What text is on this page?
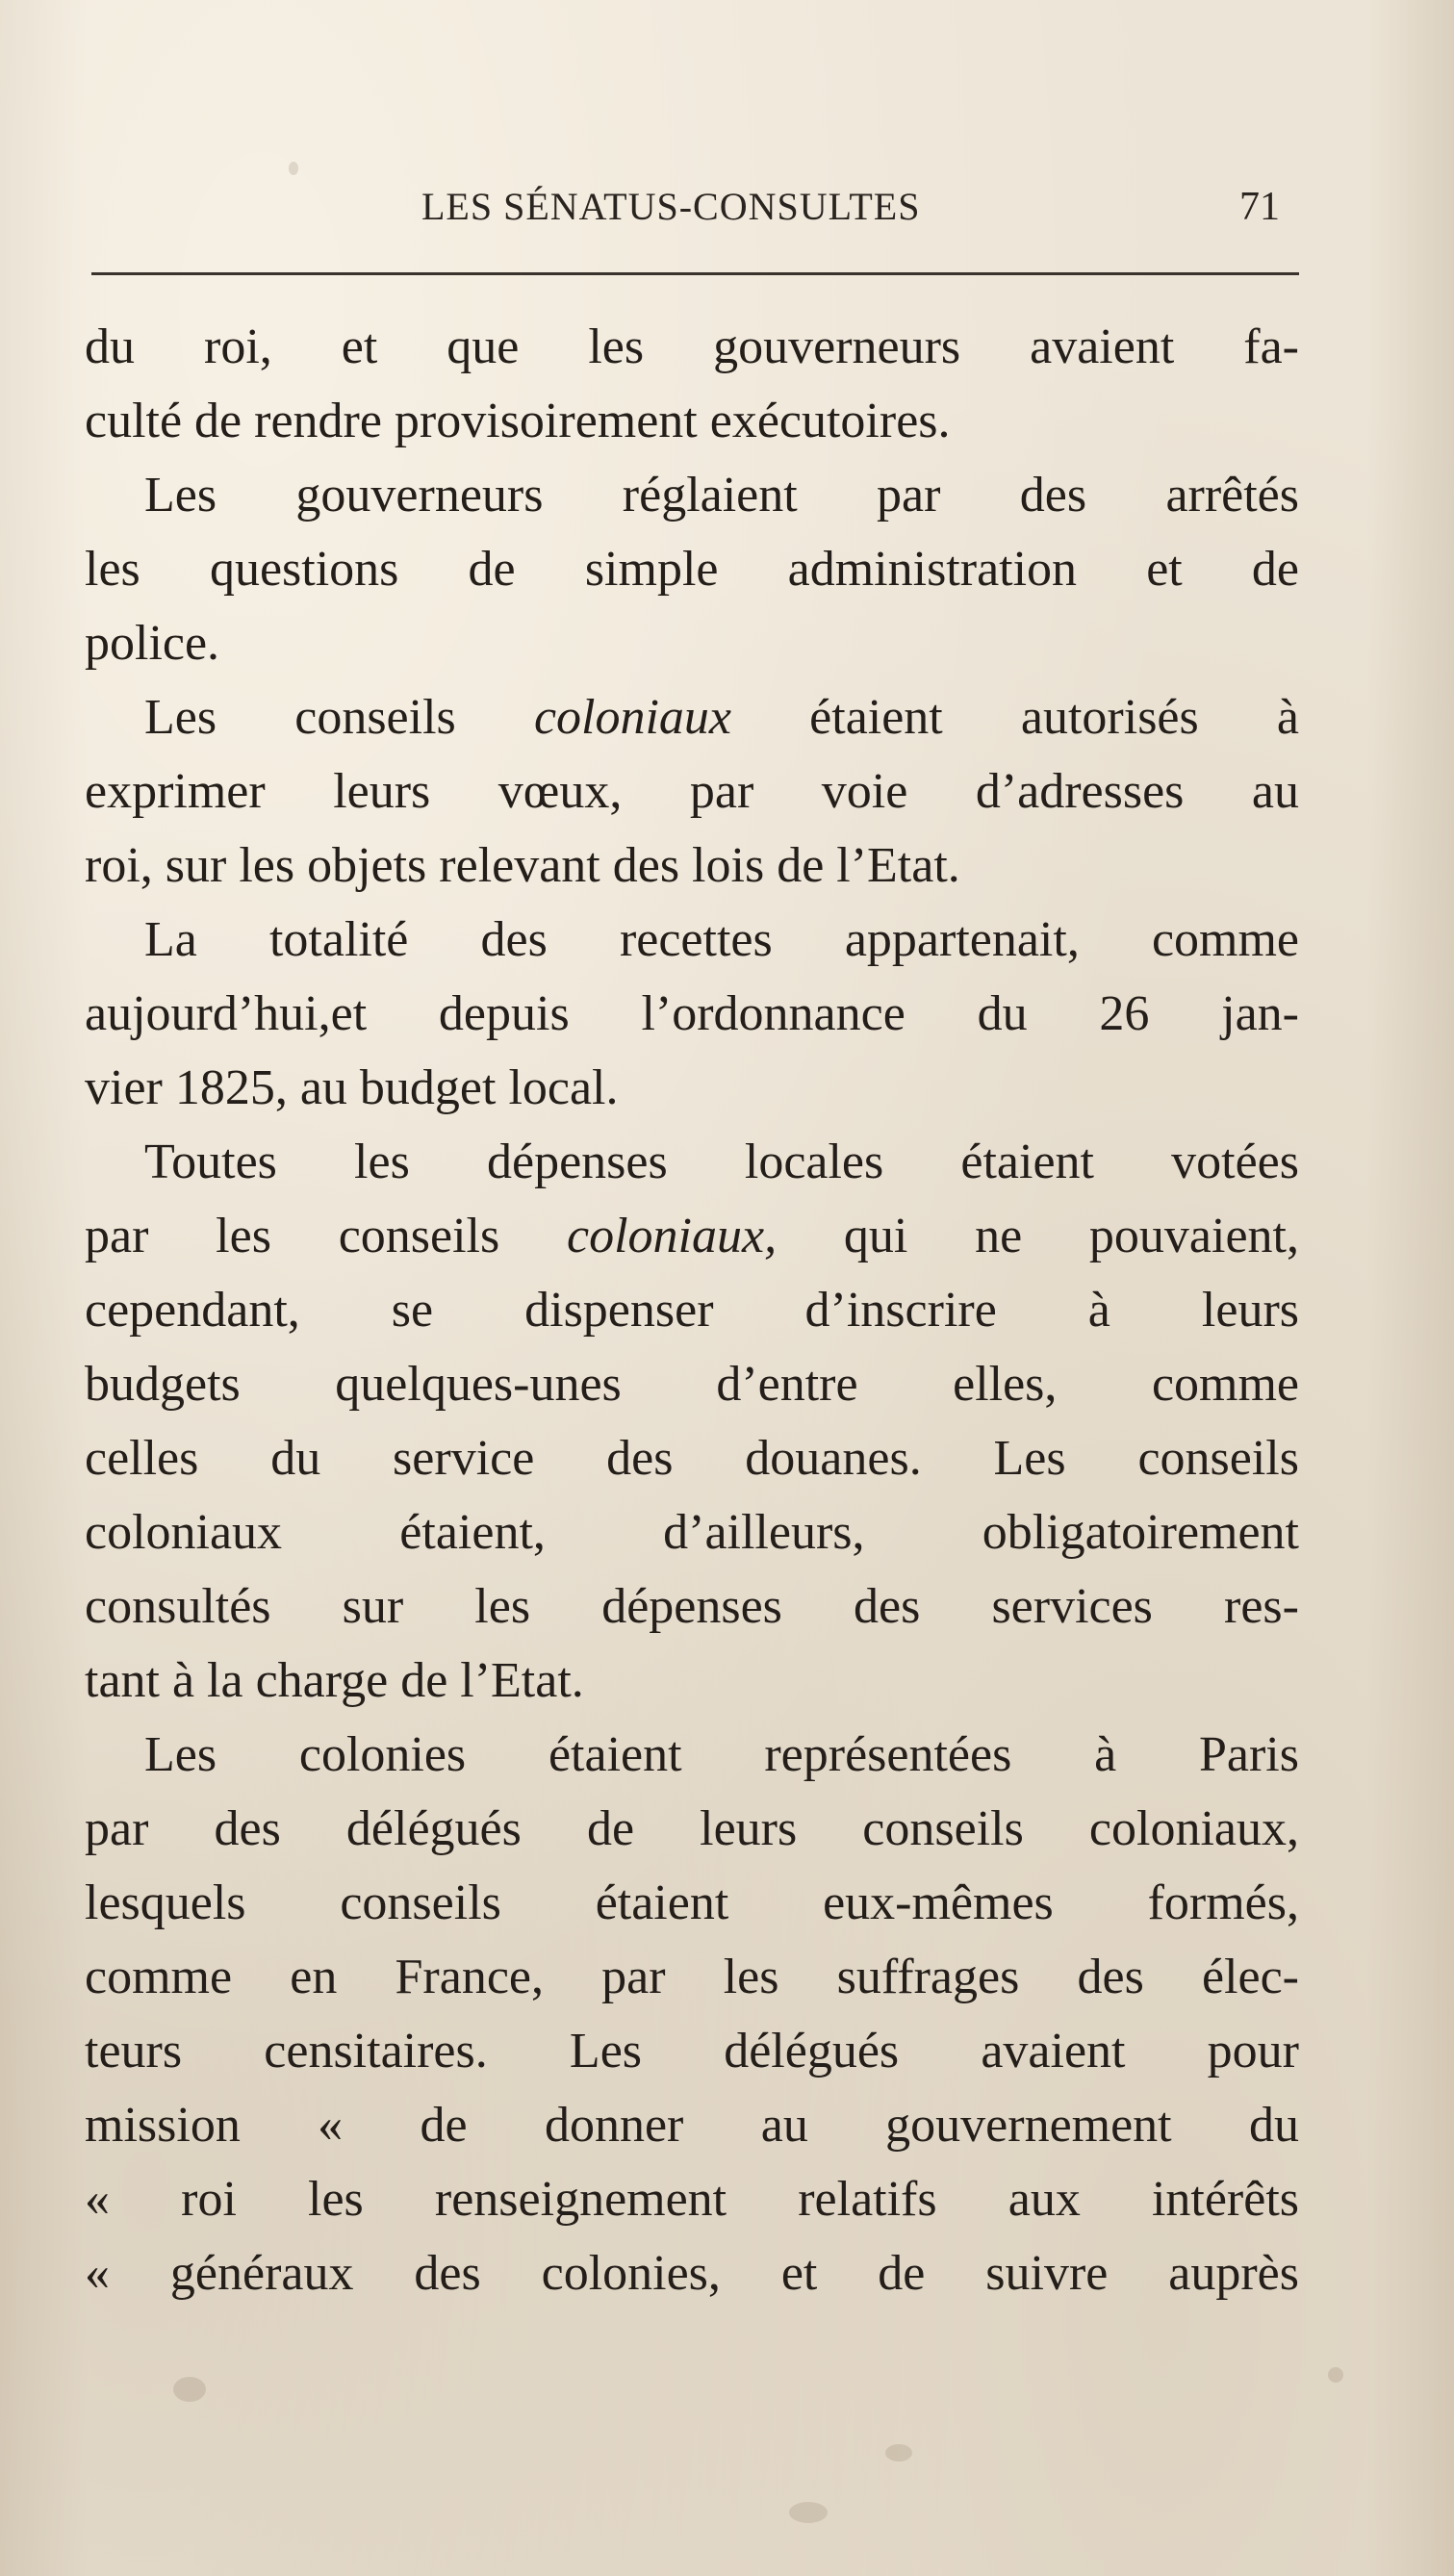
LES SÉNATUS-CONSULTES	71
du roi, et que les gouverneurs avaient fa-
culté de rendre provisoirement exécutoires.
Les gouverneurs réglaient par des arrêtés
les questions de simple administration et de
police.
Les conseils coloniaux étaient autorisés à
exprimer leurs vœux, par voie d’adresses au
roi, sur les objets relevant des lois de l’Etat.
La totalité des recettes appartenait, comme
aujourd’hui,et depuis l’ordonnance du 26 jan-
vier 1825, au budget local.
Toutes les dépenses locales étaient votées
par les conseils coloniaux, qui ne pouvaient,
cependant, se dispenser d’inscrire à leurs
budgets quelques-unes d’entre elles, comme
celles du service des douanes. Les conseils
coloniaux étaient, d’ailleurs, obligatoirement
consultés sur les dépenses des services res-
tant à la charge de l’Etat.
Les colonies étaient représentées à Paris
par des délégués de leurs conseils coloniaux,
lesquels conseils étaient eux-mêmes formés,
comme en France, par les suffrages des élec-
teurs censitaires. Les délégués avaient pour
mission « de donner au gouvernement du
« roi les renseignement relatifs aux intérêts
« généraux des colonies, et de suivre auprès
